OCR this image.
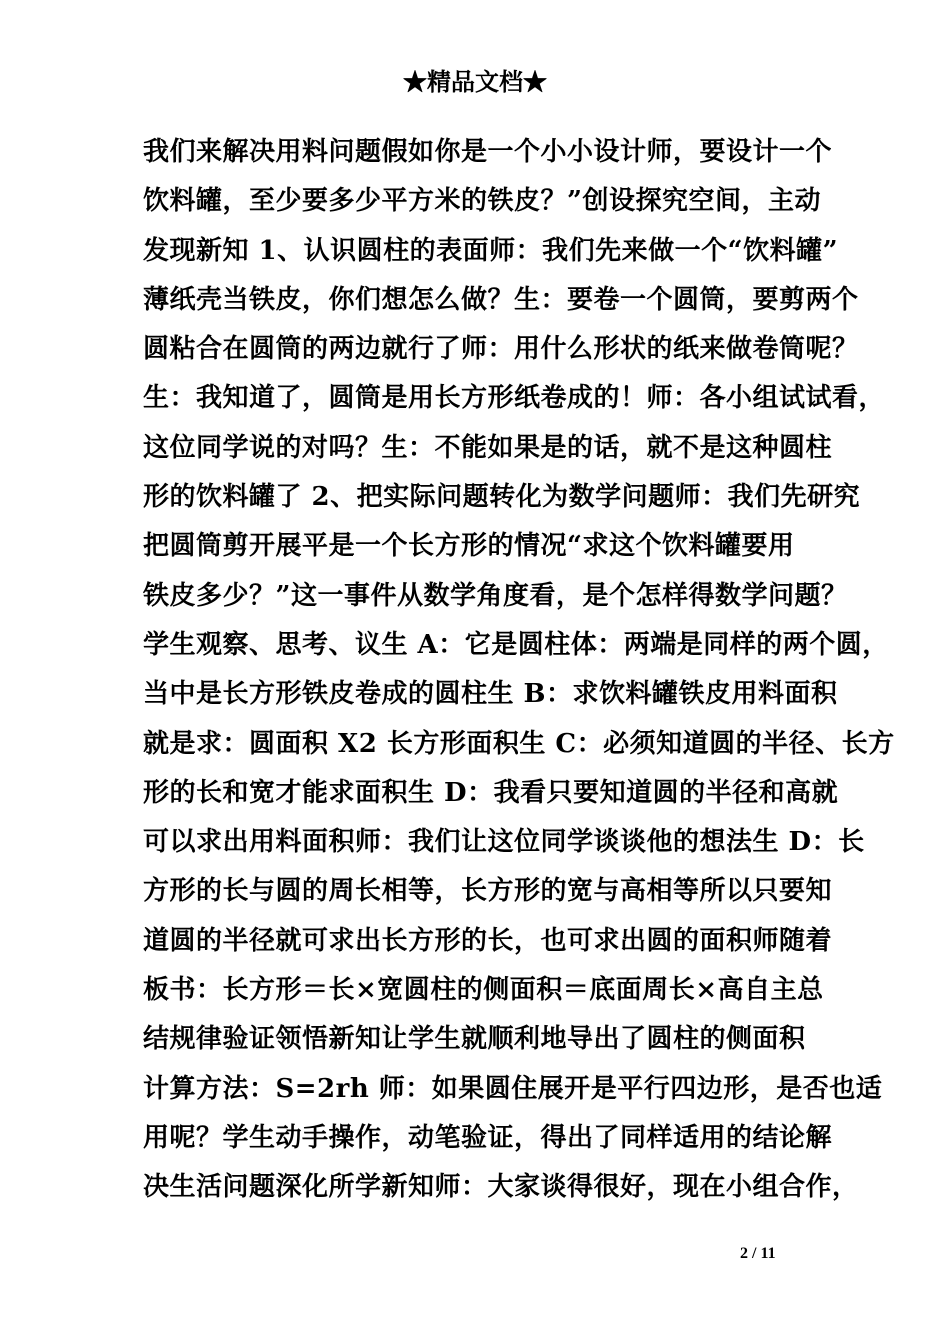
★精品文档★
我们来解决用料问题假如你是一个小小设计师，要设计一个
饮料罐，至少要多少平方米的铁皮？”创设探究空间，主动
发现新知 1、认识圆柱的表面师：我们先来做一个“饮料罐”
薄纸壳当铁皮，你们想怎么做？生：要卷一个圆筒，要剪两个
圆粘合在圆筒的两边就行了师：用什么形状的纸来做卷筒呢？
生：我知道了，圆筒是用长方形纸卷成的！师：各小组试试看，
这位同学说的对吗？生：不能如果是的话，就不是这种圆柱
形的饮料罐了 2、把实际问题转化为数学问题师：我们先研究
把圆筒剪开展平是一个长方形的情况“求这个饮料罐要用
铁皮多少？”这一事件从数学角度看，是个怎样得数学问题？
学生观察、思考、议生 A：它是圆柱体：两端是同样的两个圆，
当中是长方形铁皮卷成的圆柱生 B：求饮料罐铁皮用料面积
就是求：圆面积 X2 长方形面积生 C：必须知道圆的半径、长方
形的长和宽才能求面积生 D：我看只要知道圆的半径和高就
可以求出用料面积师：我们让这位同学谈谈他的想法生 D：长
方形的长与圆的周长相等，长方形的宽与高相等所以只要知
道圆的半径就可求出长方形的长，也可求出圆的面积师随着
板书：长方形＝长×宽圆柱的侧面积＝底面周长×高自主总
结规律验证领悟新知让学生就顺利地导出了圆柱的侧面积
计算方法：S=2rh 师：如果圆住展开是平行四边形，是否也适
用呢？学生动手操作，动笔验证，得出了同样适用的结论解
决生活问题深化所学新知师：大家谈得很好，现在小组合作，
2 / 11
